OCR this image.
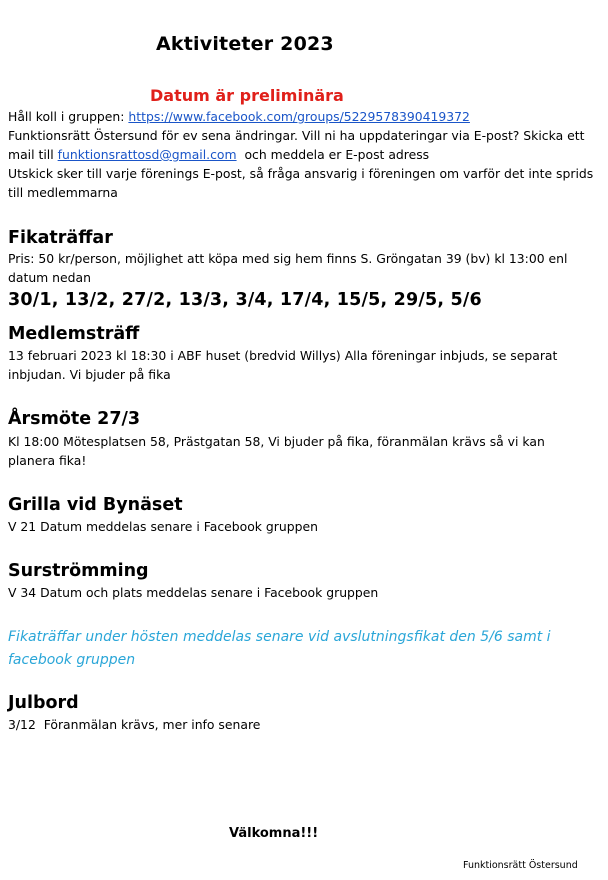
Aktiviteter 2023
Datum är preliminära
Håll koll i gruppen: https://www.facebook.com/groups/5229578390419372
Funktionsrätt Östersund för ev sena ändringar. Vill ni ha uppdateringar via E-post? Skicka ett mail till funktionsrattosd@gmail.com  och meddela er E-post adress
Utskick sker till varje förenings E-post, så fråga ansvarig i föreningen om varför det inte sprids till medlemmarna
Fikaträffar
Pris: 50 kr/person, möjlighet att köpa med sig hem finns S. Gröngatan 39 (bv) kl 13:00 enl datum nedan
30/1, 13/2, 27/2, 13/3, 3/4, 17/4, 15/5, 29/5, 5/6
Medlemsträff
13 februari 2023 kl 18:30 i ABF huset (bredvid Willys) Alla föreningar inbjuds, se separat inbjudan. Vi bjuder på fika
Årsmöte 27/3
Kl 18:00 Mötesplatsen 58, Prästgatan 58, Vi bjuder på fika, föranmälan krävs så vi kan planera fika!
Grilla vid Bynäset
V 21 Datum meddelas senare i Facebook gruppen
Surströmming
V 34 Datum och plats meddelas senare i Facebook gruppen
Fikaträffar under hösten meddelas senare vid avslutningsfikat den 5/6 samt i facebook gruppen
Julbord
3/12  Föranmälan krävs, mer info senare
Välkomna!!!
Funktionsrätt Östersund
